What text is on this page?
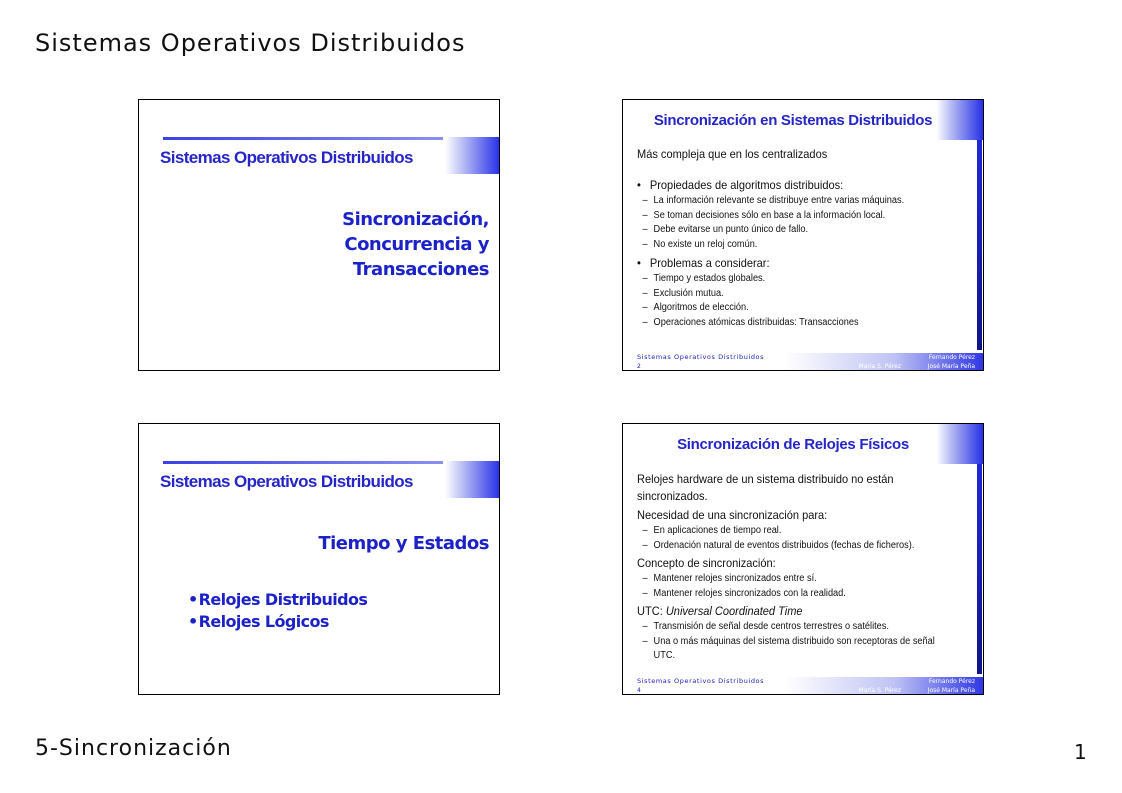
Sistemas Operativos Distribuidos
Sistemas Operativos Distribuidos
Sincronización,
Concurrencia y
Transacciones
Sincronización en Sistemas Distribuidos
Más compleja que en los centralizados
• Propiedades de algoritmos distribuidos:
– La información relevante se distribuye entre varias máquinas.
– Se toman decisiones sólo en base a la información local.
– Debe evitarse un punto único de fallo.
– No existe un reloj común.
• Problemas a considerar:
– Tiempo y estados globales.
– Exclusión mutua.
– Algoritmos de elección.
– Operaciones atómicas distribuidas: Transacciones
Sistemas Operativos Distribuidos
2
Fernando Pérez
María S. Pérez	José María Peña
Sistemas Operativos Distribuidos
Tiempo y Estados
• Relojes Distribuidos
• Relojes Lógicos
Sincronización de Relojes Físicos
Relojes hardware de un sistema distribuido no están
sincronizados.
Necesidad de una sincronización para:
– En aplicaciones de tiempo real.
– Ordenación natural de eventos distribuidos (fechas de ficheros).
Concepto de sincronización:
– Mantener relojes sincronizados entre sí.
– Mantener relojes sincronizados con la realidad.
UTC: Universal Coordinated Time
– Transmisión de señal desde centros terrestres o satélites.
– Una o más máquinas del sistema distribuido son receptoras de señal UTC.
Sistemas Operativos Distribuidos
4
Fernando Pérez
María S. Pérez	José María Peña
5-Sincronización	1
